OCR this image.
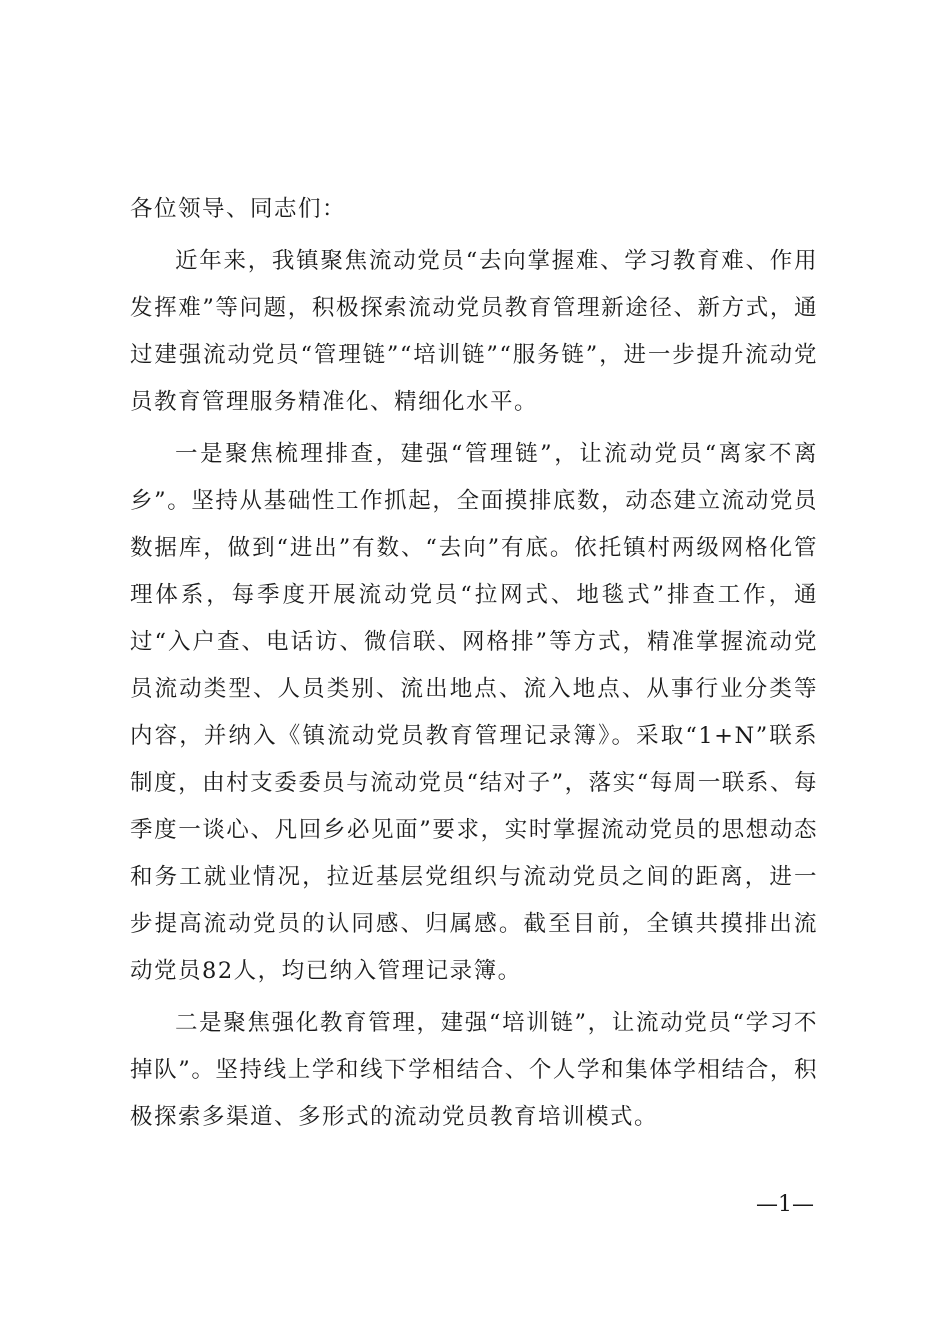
各位领导、同志们：

近年来，我镇聚焦流动党员“去向掌握难、学习教育难、作用发挥难”等问题，积极探索流动党员教育管理新途径、新方式，通过建强流动党员“管理链”“培训链”“服务链”，进一步提升流动党员教育管理服务精准化、精细化水平。

一是聚焦梳理排查，建强“管理链”，让流动党员“离家不离乡”。坚持从基础性工作抓起，全面摸排底数，动态建立流动党员数据库，做到“进出”有数、“去向”有底。依托镇村两级网格化管理体系，每季度开展流动党员“拉网式、地毯式”排查工作，通过“入户查、电话访、微信联、网格排”等方式，精准掌握流动党员流动类型、人员类别、流出地点、流入地点、从事行业分类等内容，并纳入《镇流动党员教育管理记录簿》。采取“1+N”联系制度，由村支委委员与流动党员“结对子”，落实“每周一联系、每季度一谈心、凡回乡必见面”要求，实时掌握流动党员的思想动态和务工就业情况，拉近基层党组织与流动党员之间的距离，进一步提高流动党员的认同感、归属感。截至目前，全镇共摸排出流动党员82人，均已纳入管理记录簿。

二是聚焦强化教育管理，建强“培训链”，让流动党员“学习不掉队”。坚持线上学和线下学相结合、个人学和集体学相结合，积极探索多渠道、多形式的流动党员教育培训模式。

—1—
